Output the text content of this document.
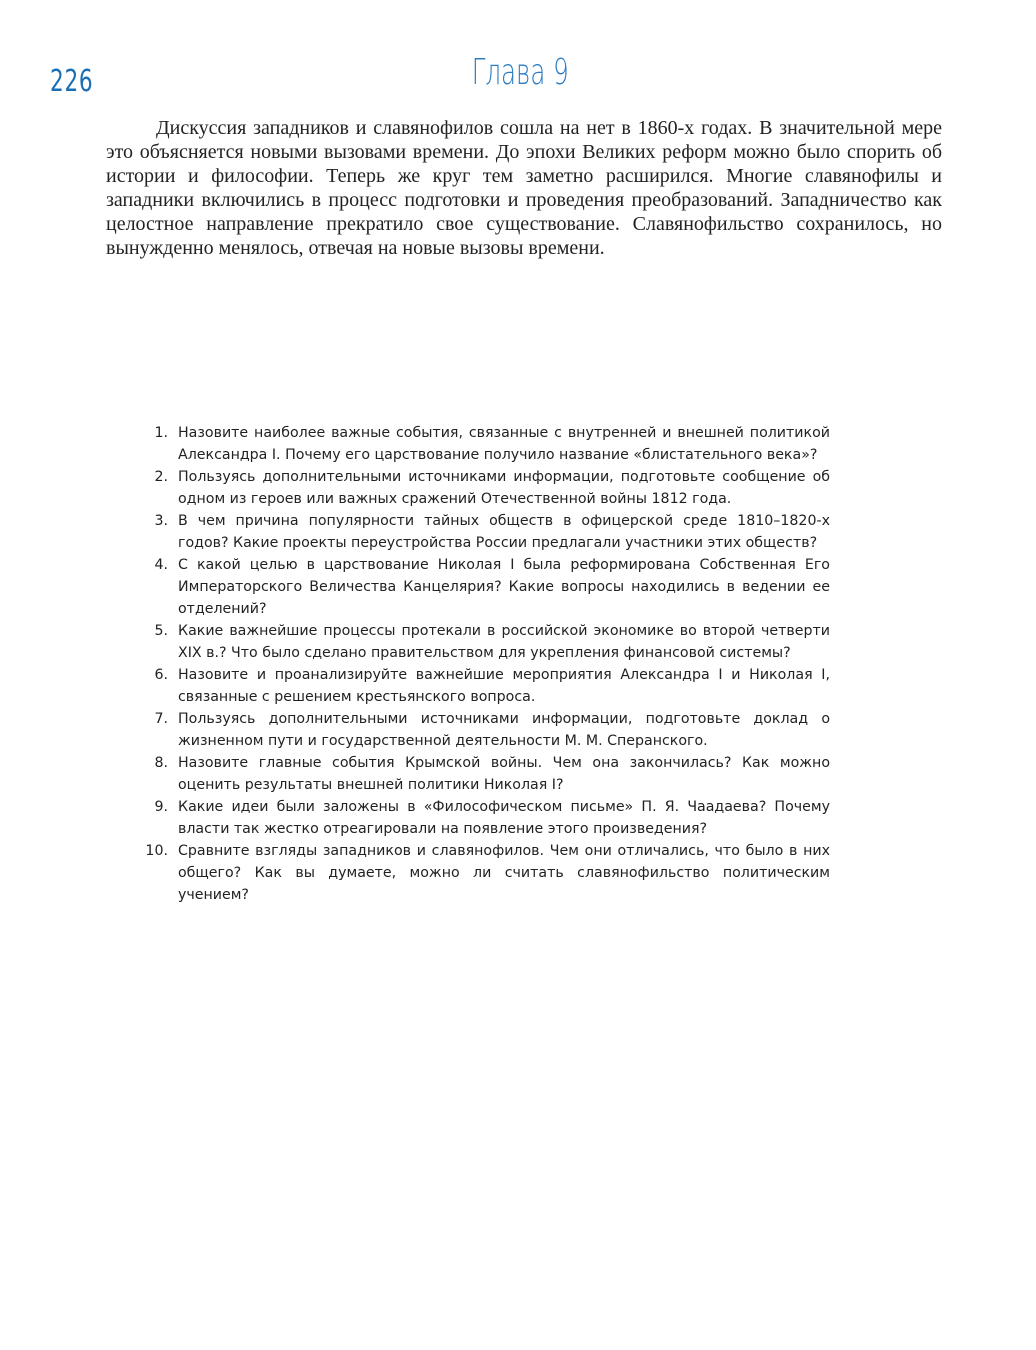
226	Глава 9

Дискуссия западников и славянофилов сошла на нет в 1860-х годах. В значительной мере это объясняется новыми вызовами времени. До эпохи Великих реформ можно было спорить об истории и философии. Теперь же круг тем заметно расширился. Многие славянофилы и западники включились в процесс подготовки и проведения преобразований. Западничество как целостное направление прекратило свое существование. Славянофильство сохранилось, но вынужденно менялось, отвечая на новые вызовы времени.

1. Назовите наиболее важные события, связанные с внутренней и внешней политикой Александра I. Почему его царствование получило название «блистательного века»?
2. Пользуясь дополнительными источниками информации, подготовьте сообщение об одном из героев или важных сражений Отечественной войны 1812 года.
3. В чем причина популярности тайных обществ в офицерской среде 1810–1820-х годов? Какие проекты переустройства России предлагали участники этих обществ?
4. С какой целью в царствование Николая I была реформирована Собственная Его Императорского Величества Канцелярия? Какие вопросы находились в ведении ее отделений?
5. Какие важнейшие процессы протекали в российской экономике во второй четверти XIX в.? Что было сделано правительством для укрепления финансовой системы?
6. Назовите и проанализируйте важнейшие мероприятия Александра I и Николая I, связанные с решением крестьянского вопроса.
7. Пользуясь дополнительными источниками информации, подготовьте доклад о жизненном пути и государственной деятельности М. М. Сперанского.
8. Назовите главные события Крымской войны. Чем она закончилась? Как можно оценить результаты внешней политики Николая I?
9. Какие идеи были заложены в «Философическом письме» П. Я. Чаадаева? Почему власти так жестко отреагировали на появление этого произведения?
10. Сравните взгляды западников и славянофилов. Чем они отличались, что было в них общего? Как вы думаете, можно ли считать славянофильство политическим учением?
